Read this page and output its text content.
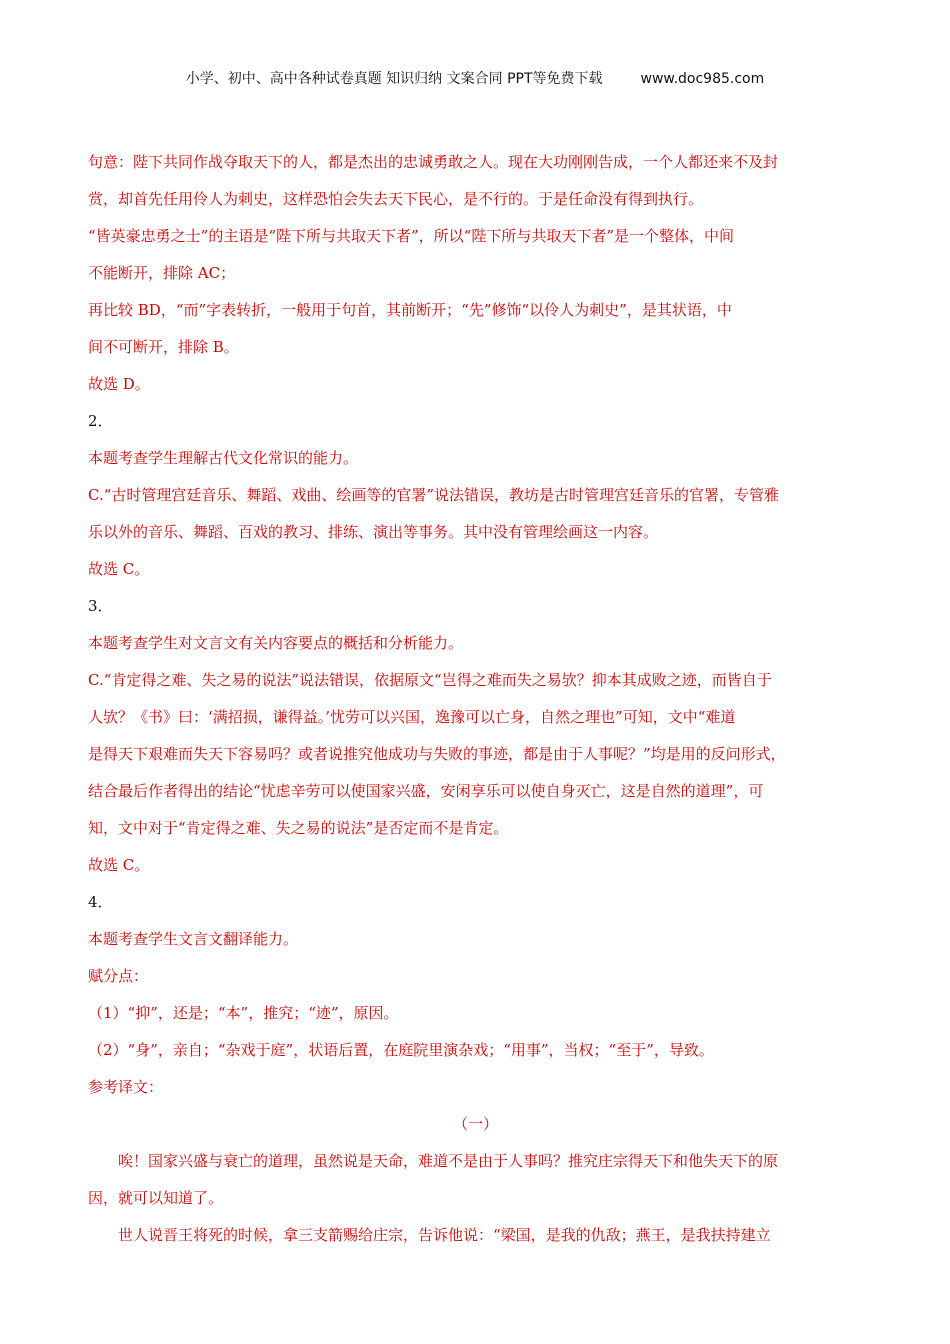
小学、初中、高中各种试卷真题 知识归纳 文案合同 PPT等免费下载	www.doc985.com
句意：陛下共同作战夺取天下的人，都是杰出的忠诚勇敢之人。现在大功刚刚告成，一个人都还来不及封
赏，却首先任用伶人为刺史，这样恐怕会失去天下民心，是不行的。于是任命没有得到执行。
“皆英豪忠勇之士”的主语是“陛下所与共取天下者”，所以“陛下所与共取天下者”是一个整体，中间
不能断开，排除 AC；
再比较 BD，“而”字表转折，一般用于句首，其前断开；“先”修饰“以伶人为刺史”，是其状语，中
间不可断开，排除 B。
故选 D。
2．
本题考查学生理解古代文化常识的能力。
C.“古时管理宫廷音乐、舞蹈、戏曲、绘画等的官署”说法错误，教坊是古时管理宫廷音乐的官署，专管雅
乐以外的音乐、舞蹈、百戏的教习、排练、演出等事务。其中没有管理绘画这一内容。
故选 C。
3．
本题考查学生对文言文有关内容要点的概括和分析能力。
C.“肯定得之难、失之易的说法”说法错误，依据原文“岂得之难而失之易欤？抑本其成败之迹，而皆自于
人欤？《书》曰：‘满招损，谦得益。’忧劳可以兴国，逸豫可以亡身，自然之理也”可知，文中“难道
是得天下艰难而失天下容易吗？或者说推究他成功与失败的事迹，都是由于人事呢？”均是用的反问形式，
结合最后作者得出的结论“忧虑辛劳可以使国家兴盛，安闲享乐可以使自身灭亡，这是自然的道理”，可
知，文中对于“肯定得之难、失之易的说法”是否定而不是肯定。
故选 C。
4．
本题考查学生文言文翻译能力。
赋分点：
（1）“抑”，还是；“本”，推究；“迹”，原因。
（2）“身”，亲自；“杂戏于庭”，状语后置，在庭院里演杂戏；“用事”，当权；“至于”，导致。
参考译文：
（一）
唉！国家兴盛与衰亡的道理，虽然说是天命，难道不是由于人事吗？推究庄宗得天下和他失天下的原
因，就可以知道了。
世人说晋王将死的时候，拿三支箭赐给庄宗，告诉他说：“梁国，是我的仇敌；燕王，是我扶持建立
